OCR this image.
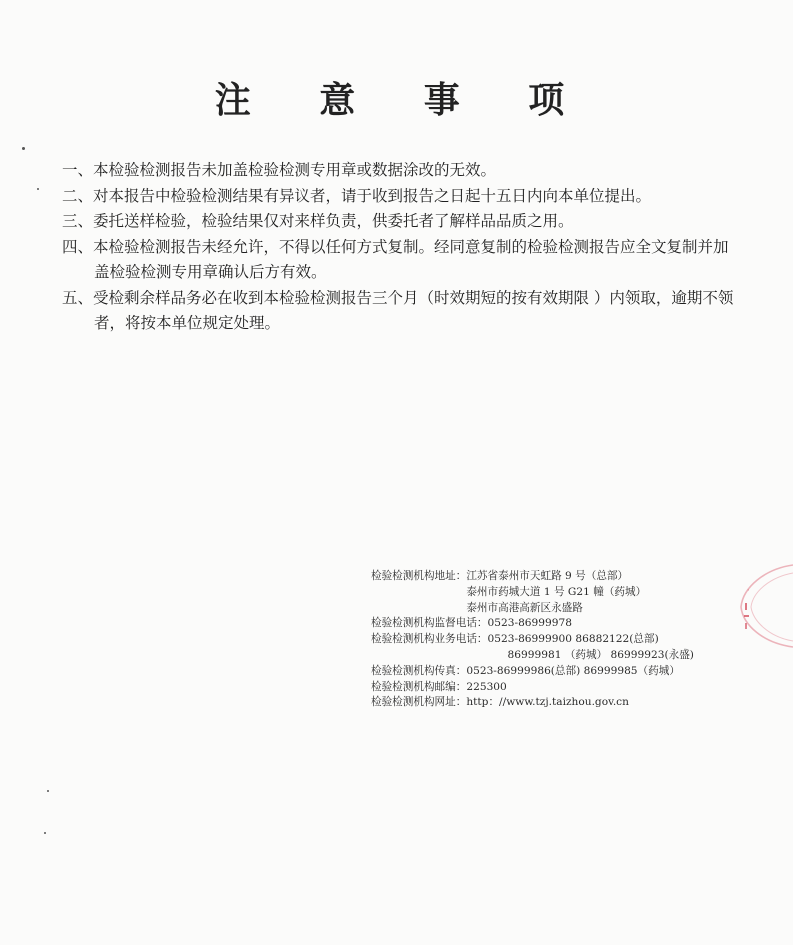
注 意 事 项

一、本检验检测报告未加盖检验检测专用章或数据涂改的无效。

二、对本报告中检验检测结果有异议者，请于收到报告之日起十五日内向本单位提出。

三、委托送样检验，检验结果仅对来样负责，供委托者了解样品品质之用。

四、本检验检测报告未经允许，不得以任何方式复制。经同意复制的检验检测报告应全文复制并加盖检验检测专用章确认后方有效。

五、受检剩余样品务必在收到本检验检测报告三个月（时效期短的按有效期限 ）内领取，逾期不领者，将按本单位规定处理。

检验检测机构地址： 江苏省泰州市天虹路 9 号（总部）
泰州市药城大道 1 号 G21 幢（药城）
泰州市高港高新区永盛路
检验检测机构监督电话： 0523-86999978
检验检测机构业务电话： 0523-86999900 86882122(总部)
86999981 （药城） 86999923(永盛)
检验检测机构传真： 0523-86999986(总部) 86999985（药城）
检验检测机构邮编： 225300
检验检测机构网址： http：//www.tzj.taizhou.gov.cn
·
